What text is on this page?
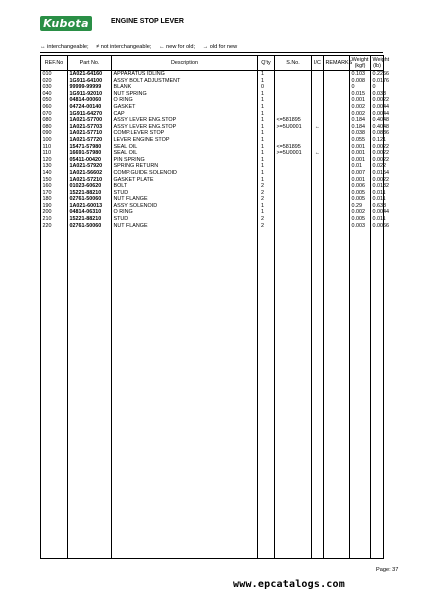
Kubota	ENGINE STOP LEVER
↔ interchangeable; ≠ not interchangeable; ← new for old; → old for new
REF.No	Part No.	Description	Q'ty	S.No.	I/C	REMARKS	Weight (kgf)	Weight (lb)
010	1A021-64160	APPARATUS IDLING	1				0.103	0.2266
020	1G911-64100	ASSY BOLT ADJUSTMENT	1				0.008	0.0176
030	99999-99999	BLANK	0				0	0
040	1G911-92010	NUT SPRING	1				0.015	0.033
050	04814-00060	O RING	1				0.001	0.0022
060	04724-00140	GASKET	1				0.002	0.0044
070	1G911-64270	CAP	1				0.002	0.0044
080	1A021-57700	ASSY LEVER ENG.STOP	1	<=581895			0.184	0.4048
080	1A021-57703	ASSY LEVER ENG.STOP	1	>=5U0001	←		0.184	0.4048
090	1A021-57710	COMP.LEVER STOP	1				0.038	0.0836
100	1A021-57720	LEVER ENGINE STOP	1				0.055	0.121
110	15471-57980	SEAL OIL	1	<=581895			0.001	0.0022
110	16691-57980	SEAL OIL	1	>=5U0001	←		0.001	0.0022
120	05411-00420	PIN SPRING	1				0.001	0.0022
130	1A021-57920	SPRING RETURN	1				0.01	0.022
140	1A021-56602	COMP.GUIDE SOLENOID	1				0.007	0.0154
150	1A021-57210	GASKET PLATE	1				0.001	0.0022
160	01023-60620	BOLT	2				0.006	0.0132
170	15221-88210	STUD	2				0.005	0.011
180	02761-50060	NUT FLANGE	2				0.005	0.011
190	1A021-60013	ASSY SOLENOID	1				0.29	0.638
200	04814-06310	O RING	1				0.002	0.0044
210	15221-88210	STUD	2				0.005	0.011
220	02761-50060	NUT FLANGE	2				0.003	0.0066

Page: 37
www.epcatalogs.com
